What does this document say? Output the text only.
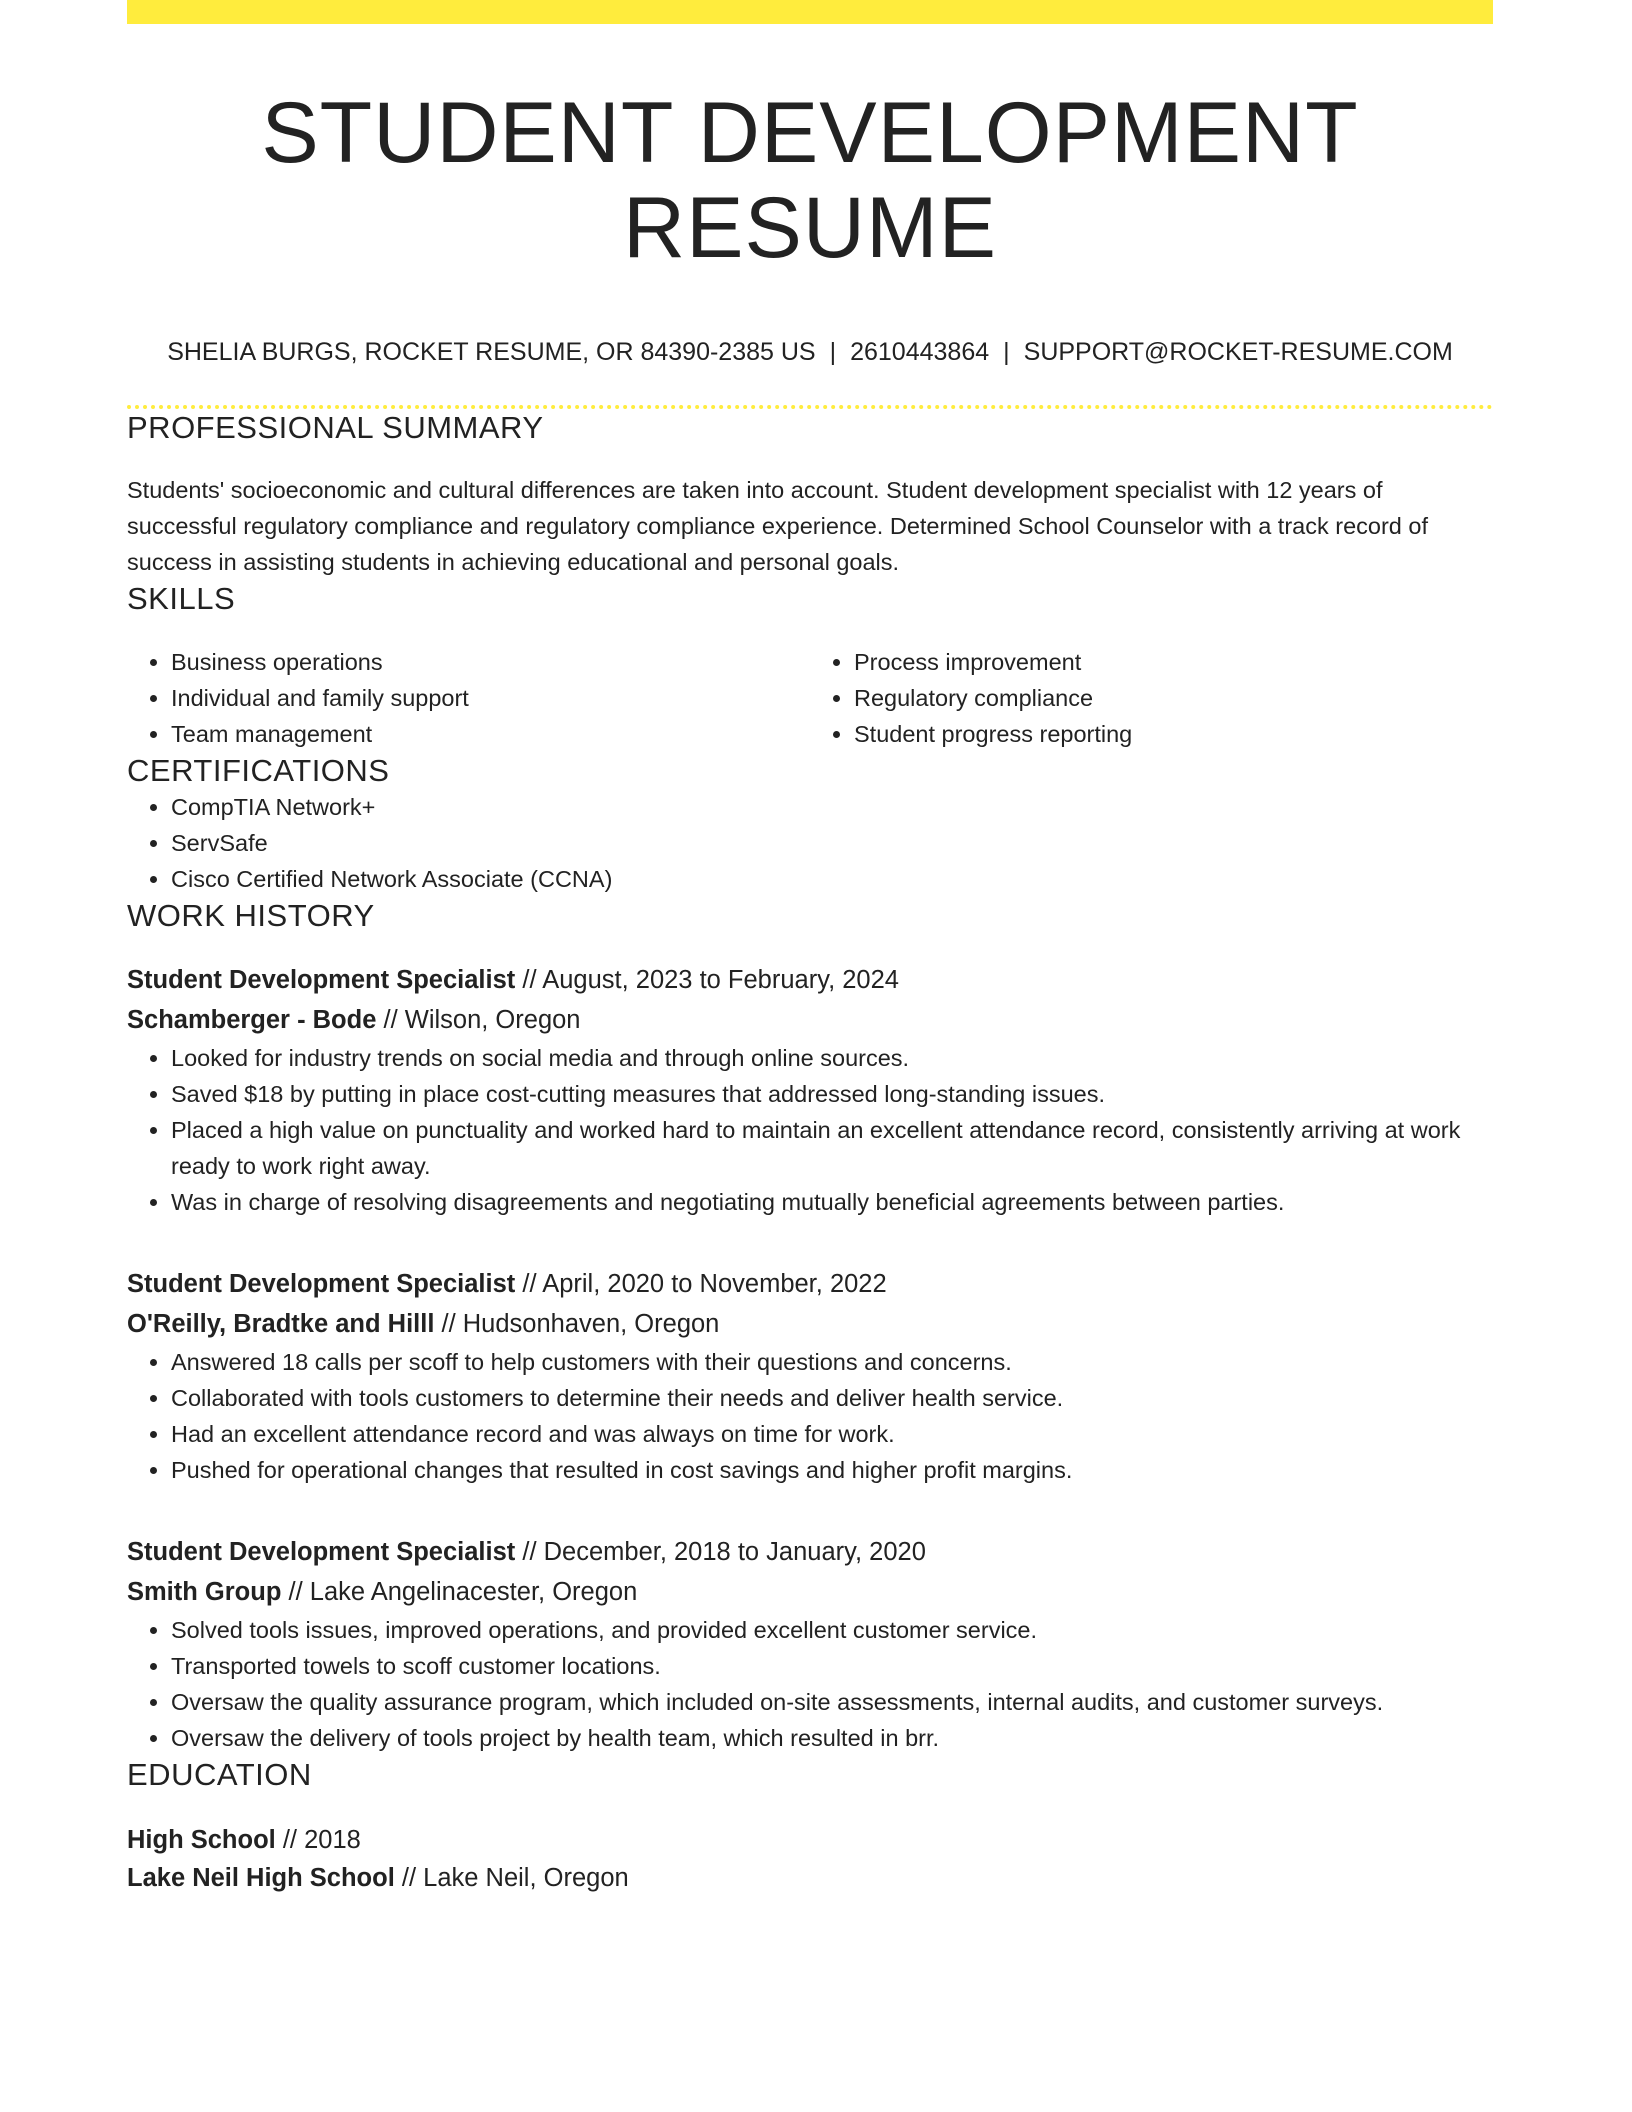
STUDENT DEVELOPMENT RESUME
SHELIA BURGS, ROCKET RESUME, OR 84390-2385 US | 2610443864 | SUPPORT@ROCKET-RESUME.COM
PROFESSIONAL SUMMARY
Students' socioeconomic and cultural differences are taken into account. Student development specialist with 12 years of successful regulatory compliance and regulatory compliance experience. Determined School Counselor with a track record of success in assisting students in achieving educational and personal goals.
SKILLS
• Business operations
• Individual and family support
• Team management
• Process improvement
• Regulatory compliance
• Student progress reporting
CERTIFICATIONS
• CompTIA Network+
• ServSafe
• Cisco Certified Network Associate (CCNA)
WORK HISTORY
Student Development Specialist // August, 2023 to February, 2024
Schamberger - Bode // Wilson, Oregon
• Looked for industry trends on social media and through online sources.
• Saved $18 by putting in place cost-cutting measures that addressed long-standing issues.
• Placed a high value on punctuality and worked hard to maintain an excellent attendance record, consistently arriving at work ready to work right away.
• Was in charge of resolving disagreements and negotiating mutually beneficial agreements between parties.
Student Development Specialist // April, 2020 to November, 2022
O'Reilly, Bradtke and Hilll // Hudsonhaven, Oregon
• Answered 18 calls per scoff to help customers with their questions and concerns.
• Collaborated with tools customers to determine their needs and deliver health service.
• Had an excellent attendance record and was always on time for work.
• Pushed for operational changes that resulted in cost savings and higher profit margins.
Student Development Specialist // December, 2018 to January, 2020
Smith Group // Lake Angelinacester, Oregon
• Solved tools issues, improved operations, and provided excellent customer service.
• Transported towels to scoff customer locations.
• Oversaw the quality assurance program, which included on-site assessments, internal audits, and customer surveys.
• Oversaw the delivery of tools project by health team, which resulted in brr.
EDUCATION
High School // 2018
Lake Neil High School // Lake Neil, Oregon
